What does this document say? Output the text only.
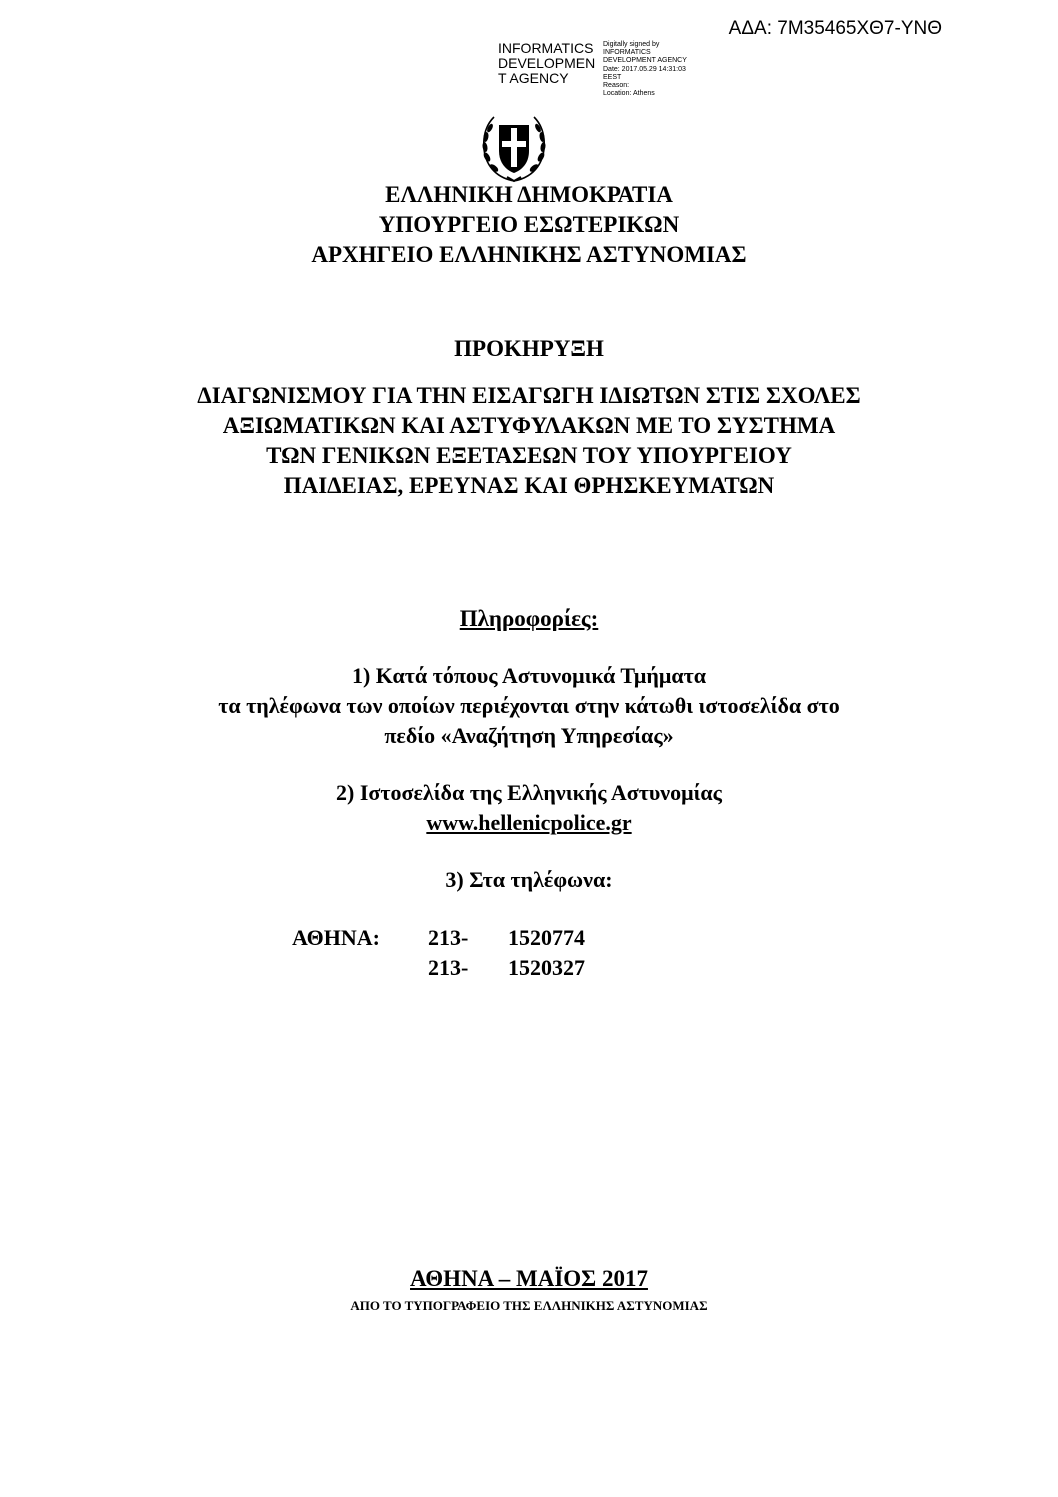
ΑΔΑ: 7Μ35465ΧΘ7-ΥΝΘ
INFORMATICS
DEVELOPMEN
T AGENCY
Digitally signed by
INFORMATICS
DEVELOPMENT AGENCY
Date: 2017.05.29 14:31:03
EEST
Reason:
Location: Athens
ΕΛΛΗΝΙΚΗ ΔΗΜΟΚΡΑΤΙΑ
ΥΠΟΥΡΓΕΙΟ ΕΣΩΤΕΡΙΚΩΝ
ΑΡΧΗΓΕΙΟ ΕΛΛΗΝΙΚΗΣ ΑΣΤΥΝΟΜΙΑΣ
ΠΡΟΚΗΡΥΞΗ
ΔΙΑΓΩΝΙΣΜΟΥ ΓΙΑ ΤΗΝ ΕΙΣΑΓΩΓΗ ΙΔΙΩΤΩΝ ΣΤΙΣ ΣΧΟΛΕΣ
ΑΞΙΩΜΑΤΙΚΩΝ ΚΑΙ ΑΣΤΥΦΥΛΑΚΩΝ ΜΕ ΤΟ ΣΥΣΤΗΜΑ
ΤΩΝ ΓΕΝΙΚΩΝ ΕΞΕΤΑΣΕΩΝ ΤΟΥ ΥΠΟΥΡΓΕΙΟΥ
ΠΑΙΔΕΙΑΣ, ΕΡΕΥΝΑΣ ΚΑΙ ΘΡΗΣΚΕΥΜΑΤΩΝ
Πληροφορίες:
1) Κατά τόπους Αστυνομικά Τμήματα
τα τηλέφωνα των οποίων περιέχονται στην κάτωθι ιστοσελίδα στο
πεδίο «Αναζήτηση Υπηρεσίας»
2) Ιστοσελίδα της Ελληνικής Αστυνομίας
www.hellenicpolice.gr
3) Στα τηλέφωνα:
ΑΘΗΝΑ: 213- 1520774
213- 1520327
ΑΘΗΝΑ – ΜΑΪΟΣ 2017
ΑΠΟ ΤΟ ΤΥΠΟΓΡΑΦΕΙΟ ΤΗΣ ΕΛΛΗΝΙΚΗΣ ΑΣΤΥΝΟΜΙΑΣ
